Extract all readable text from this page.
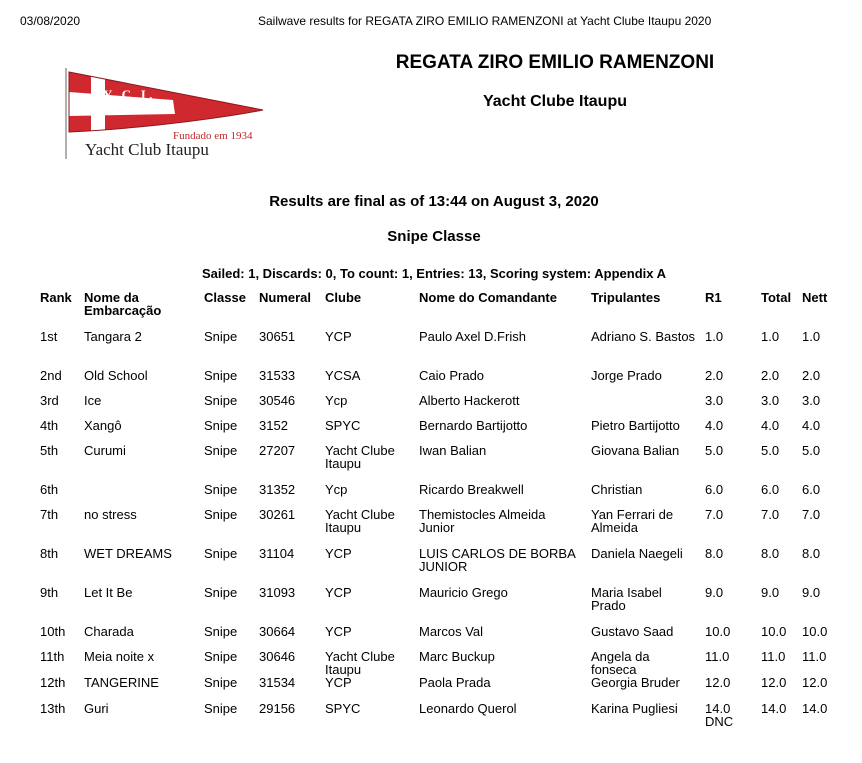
03/08/2020	Sailwave results for REGATA ZIRO EMILIO RAMENZONI at Yacht Clube Itaupu 2020
Y . C . I .
Fundado em 1934
Yacht Club Itaupu
REGATA ZIRO EMILIO RAMENZONI
Yacht Clube Itaupu
Results are final as of 13:44 on August 3, 2020
Snipe Classe
Sailed: 1, Discards: 0, To count: 1, Entries: 13, Scoring system: Appendix A
Rank	Nome da Embarcação	Classe	Numeral	Clube	Nome do Comandante	Tripulantes	R1	Total	Nett
1st	Tangara 2	Snipe	30651	YCP	Paulo Axel D.Frish	Adriano S. Bastos	1.0	1.0	1.0
2nd	Old School	Snipe	31533	YCSA	Caio Prado	Jorge Prado	2.0	2.0	2.0
3rd	Ice	Snipe	30546	Ycp	Alberto Hackerott		3.0	3.0	3.0
4th	Xangô	Snipe	3152	SPYC	Bernardo Bartijotto	Pietro Bartijotto	4.0	4.0	4.0
5th	Curumi	Snipe	27207	Yacht Clube Itaupu	Iwan Balian	Giovana Balian	5.0	5.0	5.0
6th		Snipe	31352	Ycp	Ricardo Breakwell	Christian	6.0	6.0	6.0
7th	no stress	Snipe	30261	Yacht Clube Itaupu	Themistocles Almeida Junior	Yan Ferrari de Almeida	7.0	7.0	7.0
8th	WET DREAMS	Snipe	31104	YCP	LUIS CARLOS DE BORBA JUNIOR	Daniela Naegeli	8.0	8.0	8.0
9th	Let It Be	Snipe	31093	YCP	Mauricio Grego	Maria Isabel Prado	9.0	9.0	9.0
10th	Charada	Snipe	30664	YCP	Marcos Val	Gustavo Saad	10.0	10.0	10.0
11th	Meia noite x	Snipe	30646	Yacht Clube Itaupu	Marc Buckup	Angela da fonseca	11.0	11.0	11.0
12th	TANGERINE	Snipe	31534	YCP	Paola Prada	Georgia Bruder	12.0	12.0	12.0
13th	Guri	Snipe	29156	SPYC	Leonardo Querol	Karina Pugliesi	14.0 DNC	14.0	14.0
